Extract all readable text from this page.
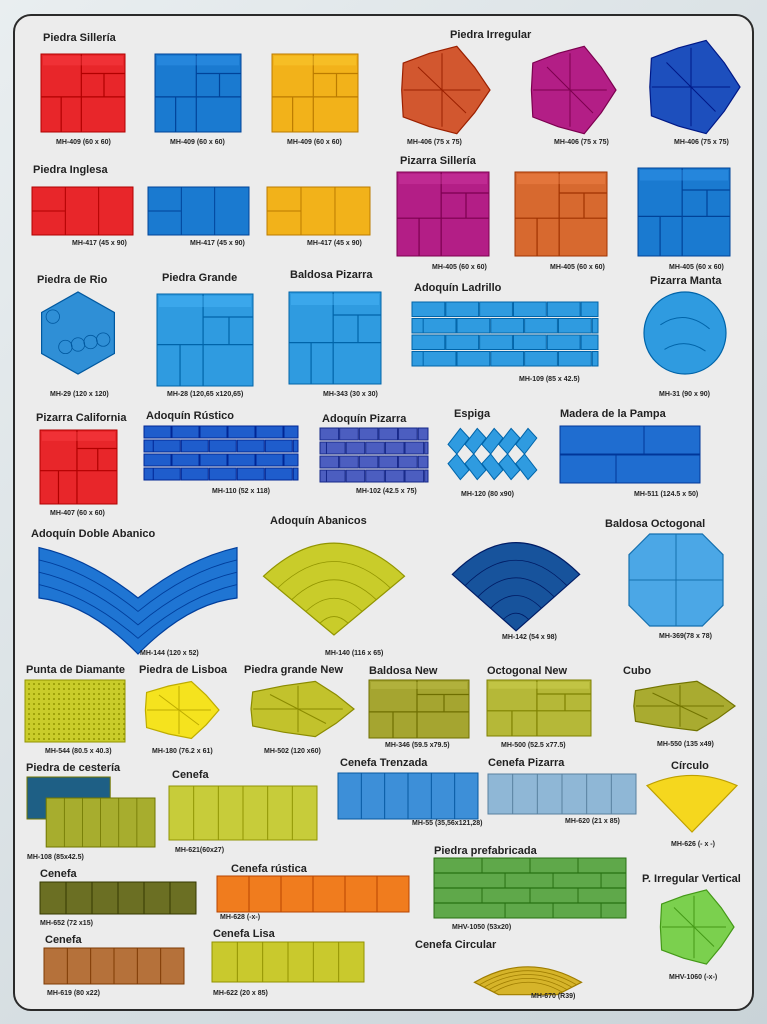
Piedra Sillería
MH-409 (60 x 60)	MH-409 (60 x 60)	MH-409 (60 x 60)
Piedra Irregular
MH-406 (75 x 75)	MH-406 (75 x 75)	MH-406 (75 x 75)
Piedra Inglesa
MH-417 (45 x 90)	MH-417 (45 x 90)	MH-417 (45 x 90)
Pizarra Sillería
MH-405 (60 x 60)	MH-405 (60 x 60)	MH-405 (60 x 60)
Piedra de Rio
MH-29 (120 x 120)
Piedra Grande
MH-28 (120,65 x120,65)
Baldosa Pizarra
MH-343 (30 x 30)
Adoquín Ladrillo
MH-109 (85 x 42.5)
Pizarra Manta
MH-31 (90 x 90)
Pizarra California
MH-407 (60 x 60)
Adoquín Rústico
MH-110 (52 x 118)
Adoquín Pizarra
MH-102 (42.5 x 75)
Espiga
MH-120 (80 x90)
Madera de la Pampa
MH-511 (124.5 x 50)
Adoquín Doble Abanico
MH-144 (120 x 52)
Adoquín Abanicos
MH-140 (116 x 65)
MH-142 (54 x 98)
Baldosa Octogonal
MH-369(78 x 78)
Punta de Diamante
MH-544 (80.5 x 40.3)
Piedra de Lisboa
MH-180 (76.2 x 61)
Piedra grande New
MH-502 (120 x60)
Baldosa New
MH-346 (59.5 x79.5)
Octogonal New
MH-500 (52.5 x77.5)
Cubo
MH-550 (135 x49)
Piedra de cestería
MH-108 (85x42.5)
Cenefa
MH-621(60x27)
Cenefa Trenzada
MH-55 (35,56x121,28)
Cenefa Pizarra
MH-620 (21 x 85)
Círculo
MH-626 (- x -)
Cenefa
MH-652 (72 x15)
Cenefa rústica
MH-628 (-x-)
Piedra prefabricada
MHV-1050 (53x20)
P. Irregular Vertical
MHV-1060 (-x-)
Cenefa
MH-619 (80 x22)
Cenefa Lisa
MH-622 (20 x 85)
Cenefa Circular
MH-670 (R39)
